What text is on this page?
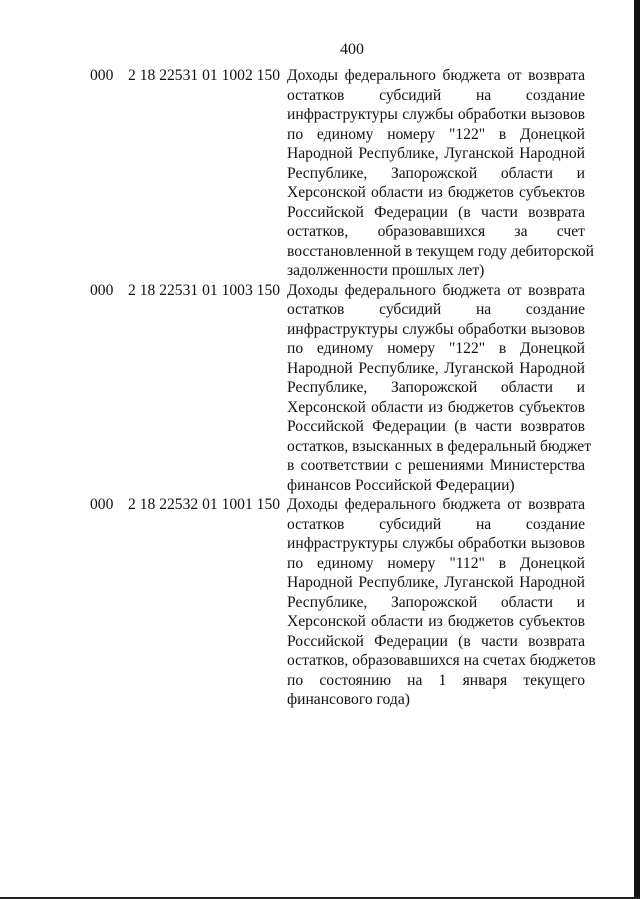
400
000 2 18 22531 01 1002 150 Доходы федерального бюджета от возврата
остатков субсидий на создание
инфраструктуры службы обработки вызовов
по единому номеру "122" в Донецкой
Народной Республике, Луганской Народной
Республике, Запорожской области и
Херсонской области из бюджетов субъектов
Российской Федерации (в части возврата
остатков, образовавшихся за счет
восстановленной в текущем году дебиторской
задолженности прошлых лет)
000 2 18 22531 01 1003 150 Доходы федерального бюджета от возврата
остатков субсидий на создание
инфраструктуры службы обработки вызовов
по единому номеру "122" в Донецкой
Народной Республике, Луганской Народной
Республике, Запорожской области и
Херсонской области из бюджетов субъектов
Российской Федерации (в части возвратов
остатков, взысканных в федеральный бюджет
в соответствии с решениями Министерства
финансов Российской Федерации)
000 2 18 22532 01 1001 150 Доходы федерального бюджета от возврата
остатков субсидий на создание
инфраструктуры службы обработки вызовов
по единому номеру "112" в Донецкой
Народной Республике, Луганской Народной
Республике, Запорожской области и
Херсонской области из бюджетов субъектов
Российской Федерации (в части возврата
остатков, образовавшихся на счетах бюджетов
по состоянию на 1 января текущего
финансового года)
